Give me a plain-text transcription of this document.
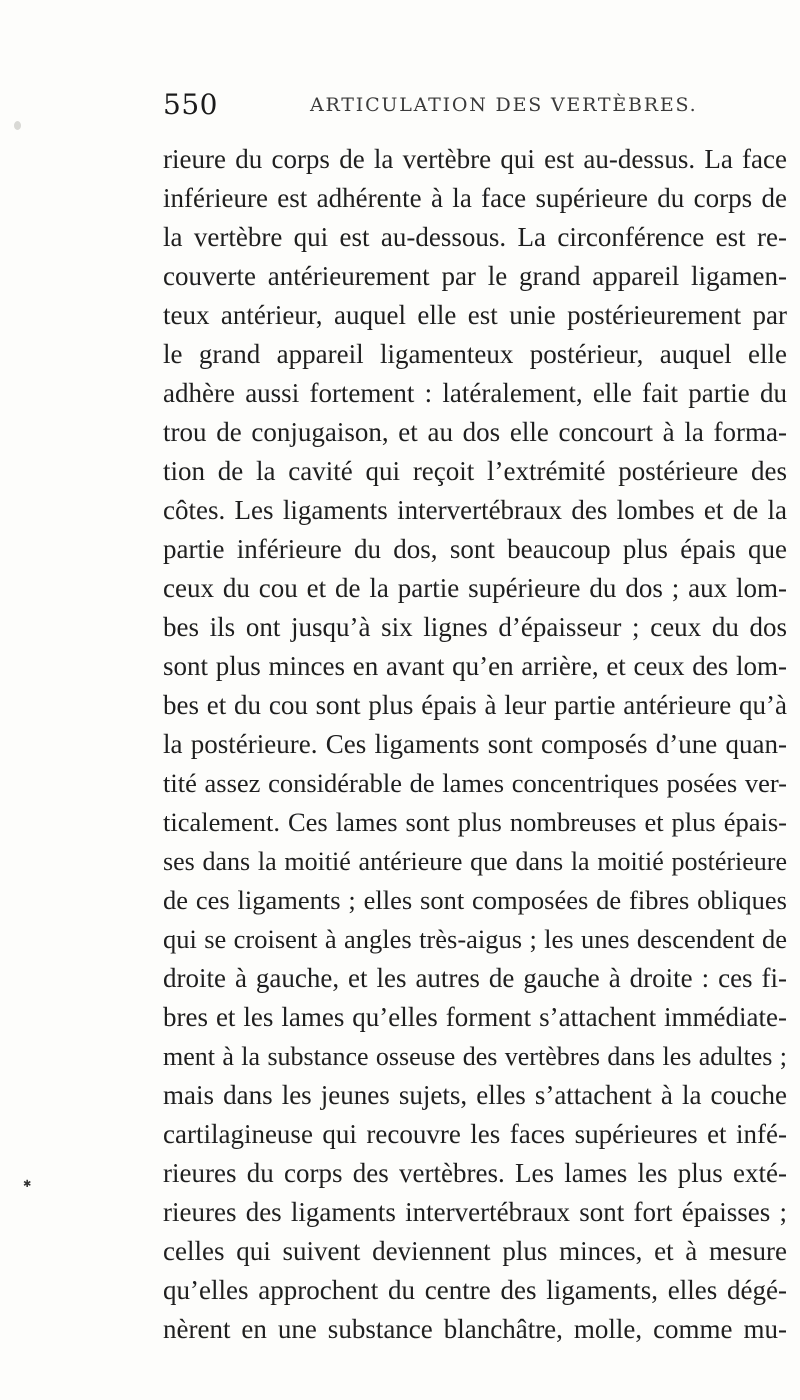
550	ARTICULATION DES VERTÈBRES.
rieure du corps de la vertèbre qui est au-dessus. La face
inférieure est adhérente à la face supérieure du corps de
la vertèbre qui est au-dessous. La circonférence est re-
couverte antérieurement par le grand appareil ligamen-
teux antérieur, auquel elle est unie postérieurement par
le grand appareil ligamenteux postérieur, auquel elle
adhère aussi fortement : latéralement, elle fait partie du
trou de conjugaison, et au dos elle concourt à la forma-
tion de la cavité qui reçoit l’extrémité postérieure des
côtes. Les ligaments intervertébraux des lombes et de la
partie inférieure du dos, sont beaucoup plus épais que
ceux du cou et de la partie supérieure du dos ; aux lom-
bes ils ont jusqu’à six lignes d’épaisseur ; ceux du dos
sont plus minces en avant qu’en arrière, et ceux des lom-
bes et du cou sont plus épais à leur partie antérieure qu’à
la postérieure. Ces ligaments sont composés d’une quan-
tité assez considérable de lames concentriques posées ver-
ticalement. Ces lames sont plus nombreuses et plus épais-
ses dans la moitié antérieure que dans la moitié postérieure
de ces ligaments ; elles sont composées de fibres obliques
qui se croisent à angles très-aigus ; les unes descendent de
droite à gauche, et les autres de gauche à droite : ces fi-
bres et les lames qu’elles forment s’attachent immédiate-
ment à la substance osseuse des vertèbres dans les adultes ;
mais dans les jeunes sujets, elles s’attachent à la couche
cartilagineuse qui recouvre les faces supérieures et infé-
rieures du corps des vertèbres. Les lames les plus exté-
rieures des ligaments intervertébraux sont fort épaisses ;
celles qui suivent deviennent plus minces, et à mesure
qu’elles approchent du centre des ligaments, elles dégé-
nèrent en une substance blanchâtre, molle, comme mu-
✱
